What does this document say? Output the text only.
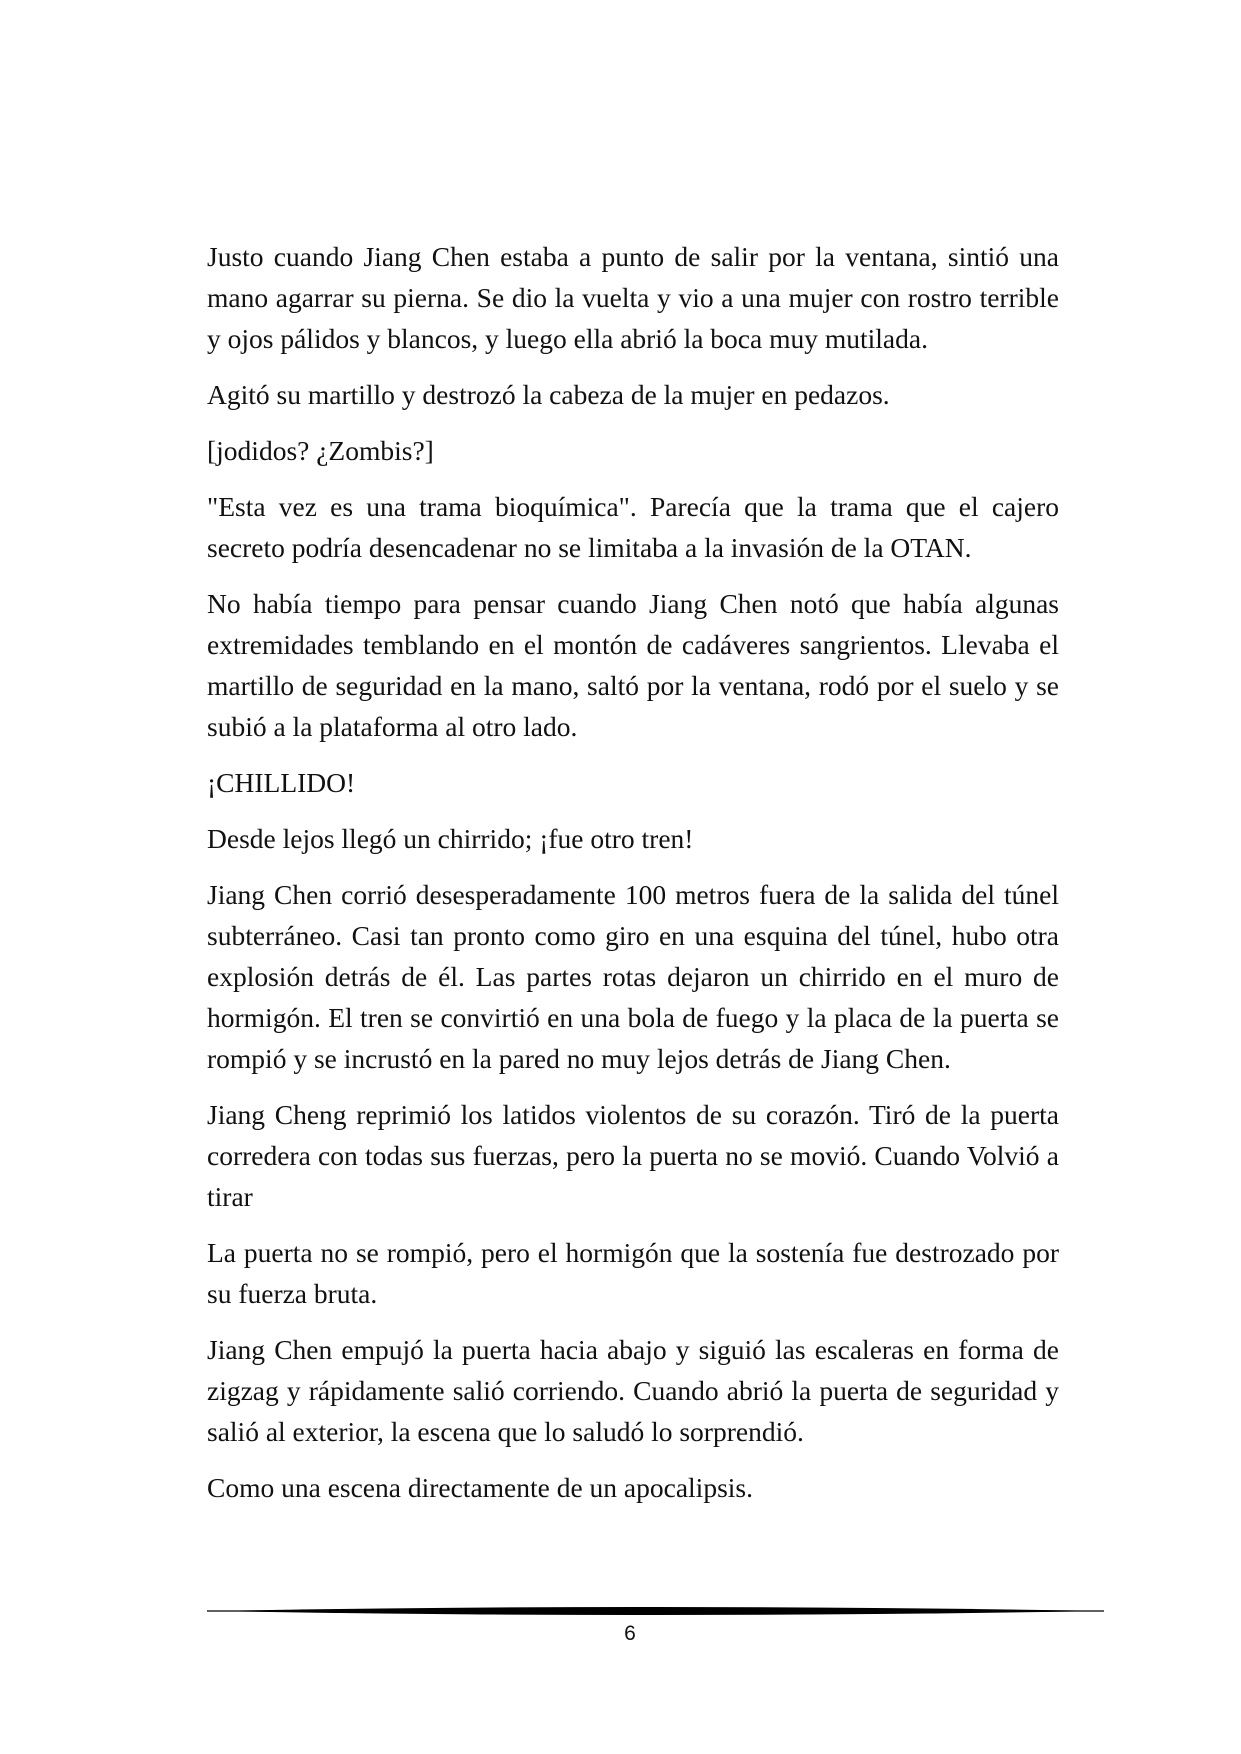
Justo cuando Jiang Chen estaba a punto de salir por la ventana, sintió una mano agarrar su pierna. Se dio la vuelta y vio a una mujer con rostro terrible y ojos pálidos y blancos, y luego ella abrió la boca muy mutilada.

Agitó su martillo y destrozó la cabeza de la mujer en pedazos.

[jodidos? ¿Zombis?]

"Esta vez es una trama bioquímica". Parecía que la trama que el cajero secreto podría desencadenar no se limitaba a la invasión de la OTAN.

No había tiempo para pensar cuando Jiang Chen notó que había algunas extremidades temblando en el montón de cadáveres sangrientos. Llevaba el martillo de seguridad en la mano, saltó por la ventana, rodó por el suelo y se subió a la plataforma al otro lado.

¡CHILLIDO!

Desde lejos llegó un chirrido; ¡fue otro tren!

Jiang Chen corrió desesperadamente 100 metros fuera de la salida del túnel subterráneo. Casi tan pronto como giro en una esquina del túnel, hubo otra explosión detrás de él. Las partes rotas dejaron un chirrido en el muro de hormigón. El tren se convirtió en una bola de fuego y la placa de la puerta se rompió y se incrustó en la pared no muy lejos detrás de Jiang Chen.

Jiang Cheng reprimió los latidos violentos de su corazón. Tiró de la puerta corredera con todas sus fuerzas, pero la puerta no se movió. Cuando Volvió a tirar

La puerta no se rompió, pero el hormigón que la sostenía fue destrozado por su fuerza bruta.

Jiang Chen empujó la puerta hacia abajo y siguió las escaleras en forma de zigzag y rápidamente salió corriendo. Cuando abrió la puerta de seguridad y salió al exterior, la escena que lo saludó lo sorprendió.

Como una escena directamente de un apocalipsis.

6
